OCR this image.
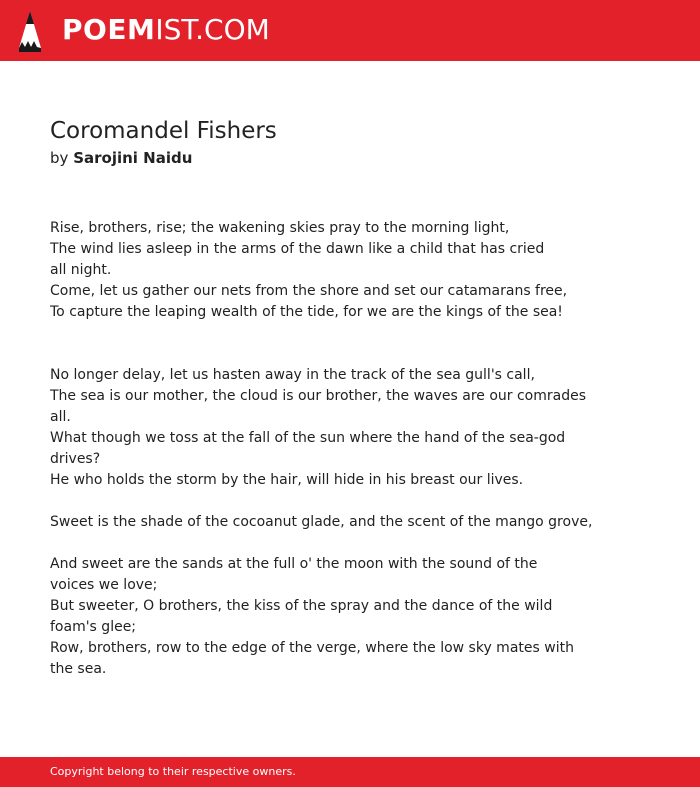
POEMIST.COM
Coromandel Fishers
by Sarojini Naidu
Rise, brothers, rise; the wakening skies pray to the morning light,
The wind lies asleep in the arms of the dawn like a child that has cried
all night.
Come, let us gather our nets from the shore and set our catamarans free,
To capture the leaping wealth of the tide, for we are the kings of the sea!
No longer delay, let us hasten away in the track of the sea gull's call,
The sea is our mother, the cloud is our brother, the waves are our comrades
all.
What though we toss at the fall of the sun where the hand of the sea-god
drives?
He who holds the storm by the hair, will hide in his breast our lives.
Sweet is the shade of the cocoanut glade, and the scent of the mango grove,
And sweet are the sands at the full o' the moon with the sound of the
voices we love;
But sweeter, O brothers, the kiss of the spray and the dance of the wild
foam's glee;
Row, brothers, row to the edge of the verge, where the low sky mates with
the sea.
Copyright belong to their respective owners.
